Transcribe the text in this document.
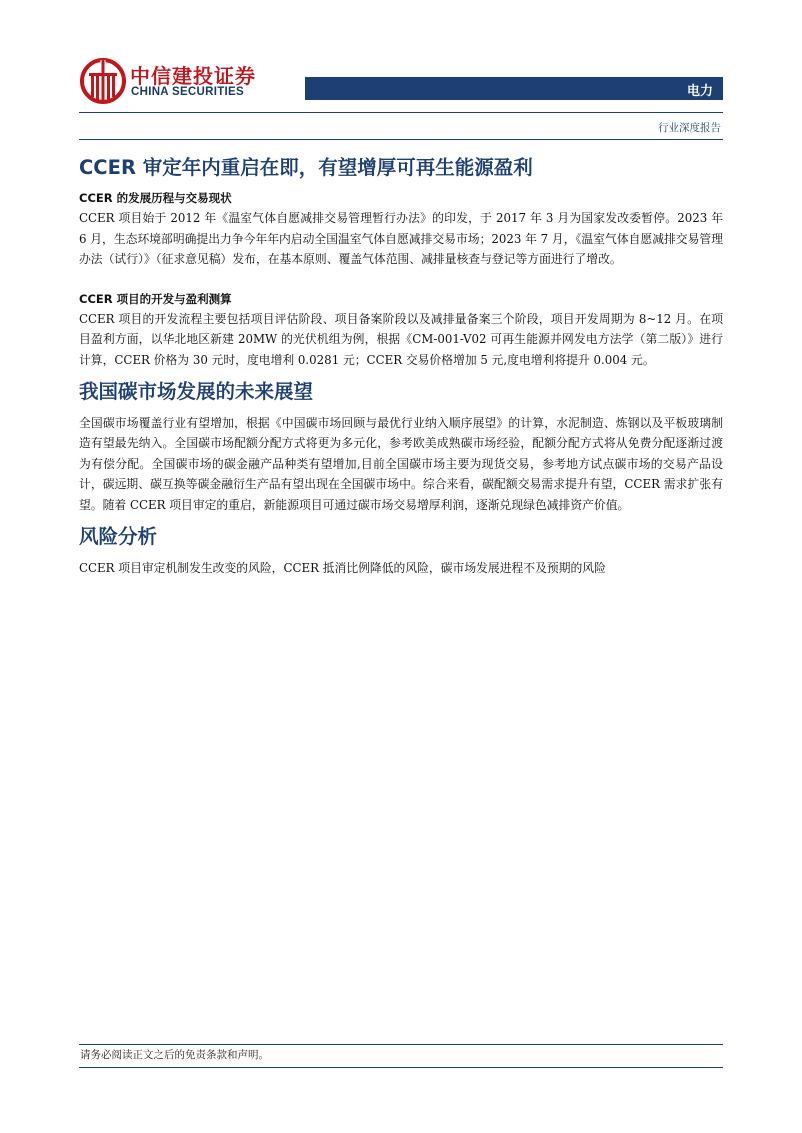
中信建投证券
CHINA SECURITIES	电力
行业深度报告
CCER 审定年内重启在即，有望增厚可再生能源盈利
CCER 的发展历程与交易现状

CCER 项目始于 2012 年《温室气体自愿减排交易管理暂行办法》的印发，于 2017 年 3 月为国家发改委暂停。2023 年 6 月，生态环境部明确提出力争今年年内启动全国温室气体自愿减排交易市场；2023 年 7 月，《温室气体自愿减排交易管理办法（试行）》（征求意见稿）发布，在基本原则、覆盖气体范围、减排量核查与登记等方面进行了增改。

CCER 项目的开发与盈利测算

CCER 项目的开发流程主要包括项目评估阶段、项目备案阶段以及减排量备案三个阶段，项目开发周期为 8~12 月。在项目盈利方面，以华北地区新建 20MW 的光伏机组为例，根据《CM-001-V02 可再生能源并网发电方法学（第二版）》进行计算，CCER 价格为 30 元时，度电增利 0.0281 元；CCER 交易价格增加 5 元,度电增利将提升 0.004 元。

我国碳市场发展的未来展望

全国碳市场覆盖行业有望增加，根据《中国碳市场回顾与最优行业纳入顺序展望》的计算，水泥制造、炼钢以及平板玻璃制造有望最先纳入。全国碳市场配额分配方式将更为多元化，参考欧美成熟碳市场经验，配额分配方式将从免费分配逐渐过渡为有偿分配。全国碳市场的碳金融产品种类有望增加,目前全国碳市场主要为现货交易，参考地方试点碳市场的交易产品设计，碳远期、碳互换等碳金融衍生产品有望出现在全国碳市场中。综合来看，碳配额交易需求提升有望，CCER 需求扩张有望。随着 CCER 项目审定的重启，新能源项目可通过碳市场交易增厚利润，逐渐兑现绿色减排资产价值。

风险分析

CCER 项目审定机制发生改变的风险，CCER 抵消比例降低的风险，碳市场发展进程不及预期的风险

请务必阅读正文之后的免责条款和声明。
